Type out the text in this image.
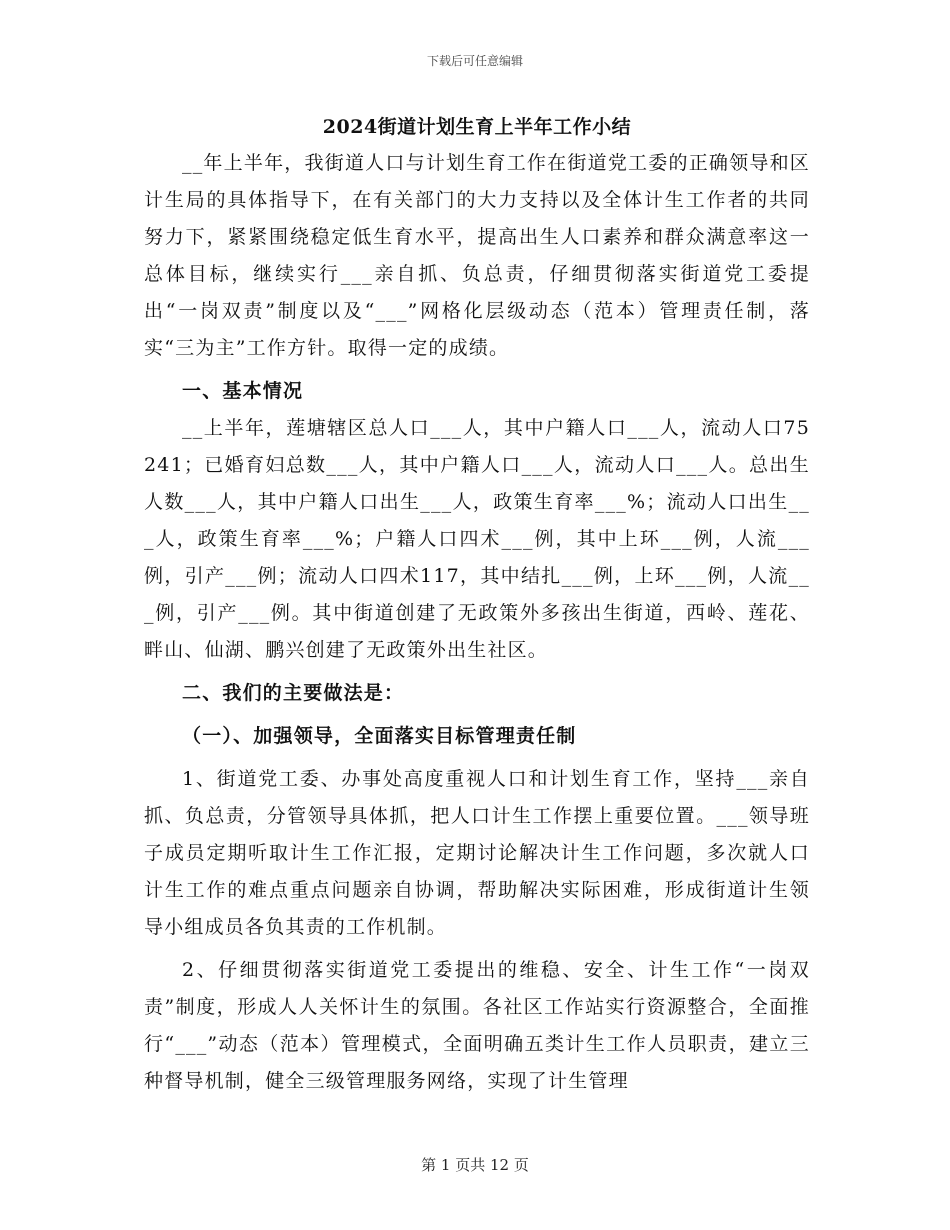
下载后可任意编辑
2024街道计划生育上半年工作小结

__年上半年，我街道人口与计划生育工作在街道党工委的正确领导和区计生局的具体指导下，在有关部门的大力支持以及全体计生工作者的共同努力下，紧紧围绕稳定低生育水平，提高出生人口素养和群众满意率这一总体目标，继续实行___亲自抓、负总责，仔细贯彻落实街道党工委提出“一岗双责”制度以及“___”网格化层级动态（范本）管理责任制，落实“三为主”工作方针。取得一定的成绩。

一、基本情况

__上半年，莲塘辖区总人口___人，其中户籍人口___人，流动人口75241；已婚育妇总数___人，其中户籍人口___人，流动人口___人。总出生人数___人，其中户籍人口出生___人，政策生育率___%；流动人口出生___人，政策生育率___%；户籍人口四术___例，其中上环___例，人流___例，引产___例；流动人口四术117，其中结扎___例，上环___例，人流___例，引产___例。其中街道创建了无政策外多孩出生街道，西岭、莲花、畔山、仙湖、鹏兴创建了无政策外出生社区。

二、我们的主要做法是：

（一）、加强领导，全面落实目标管理责任制

1、街道党工委、办事处高度重视人口和计划生育工作，坚持___亲自抓、负总责，分管领导具体抓，把人口计生工作摆上重要位置。___领导班子成员定期听取计生工作汇报，定期讨论解决计生工作问题，多次就人口计生工作的难点重点问题亲自协调，帮助解决实际困难，形成街道计生领导小组成员各负其责的工作机制。

2、仔细贯彻落实街道党工委提出的维稳、安全、计生工作“一岗双责”制度，形成人人关怀计生的氛围。各社区工作站实行资源整合，全面推行“___”动态（范本）管理模式，全面明确五类计生工作人员职责，建立三种督导机制，健全三级管理服务网络，实现了计生管理

第 1 页共 12 页
